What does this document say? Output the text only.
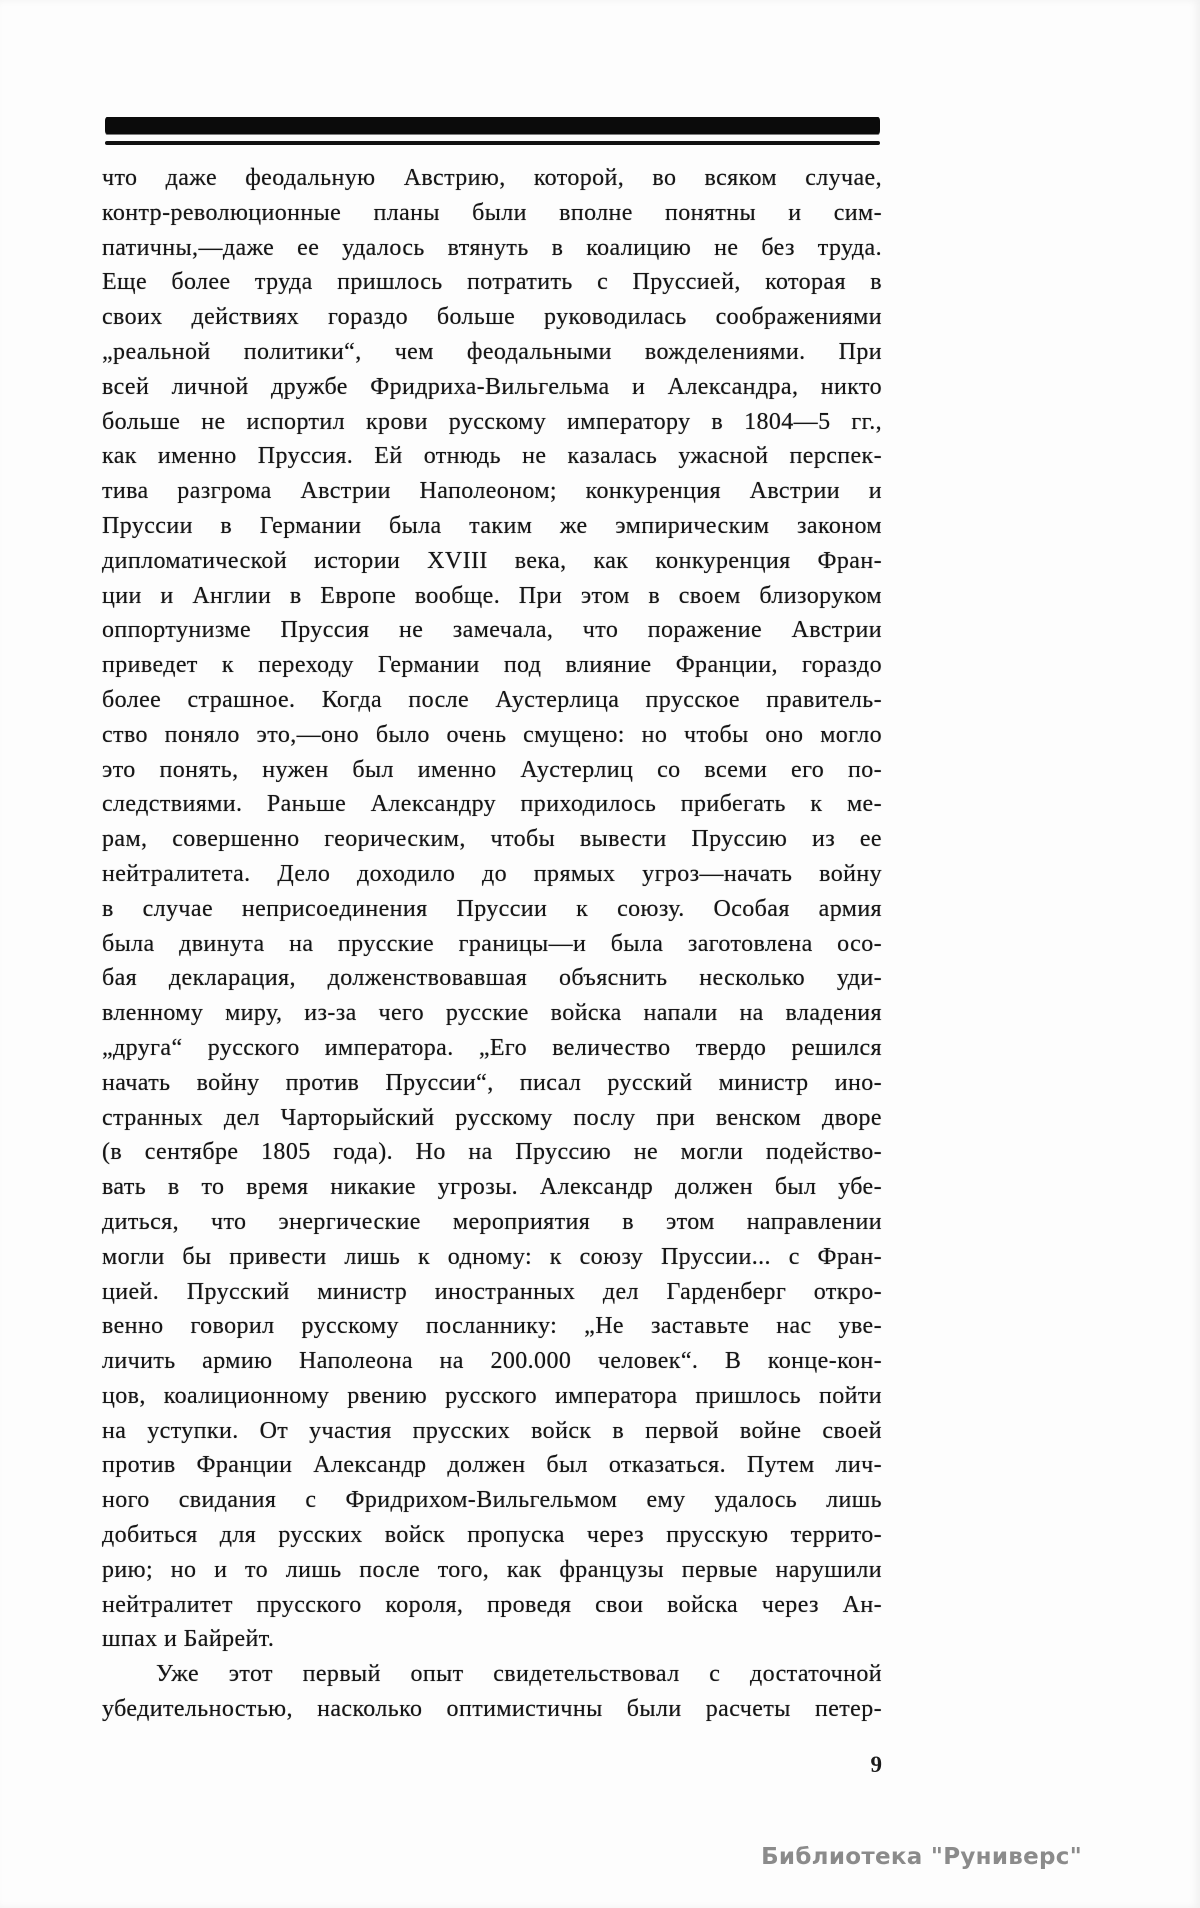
что даже феодальную Австрию, которой, во всяком случае,
контр-революционные планы были вполне понятны и сим-
патичны,—даже ее удалось втянуть в коалицию не без труда.
Еще более труда пришлось потратить с Пруссией, которая в
своих действиях гораздо больше руководилась соображениями
„реальной политики“, чем феодальными вожделениями. При
всей личной дружбе Фридриха-Вильгельма и Александра, никто
больше не испортил крови русскому императору в 1804—5 гг.,
как именно Пруссия. Ей отнюдь не казалась ужасной перспек-
тива разгрома Австрии Наполеоном; конкуренция Австрии и
Пруссии в Германии была таким же эмпирическим законом
дипломатической истории XVIII века, как конкуренция Фран-
ции и Англии в Европе вообще. При этом в своем близоруком
оппортунизме Пруссия не замечала, что поражение Австрии
приведет к переходу Германии под влияние Франции, гораздо
более страшное. Когда после Аустерлица прусское правитель-
ство поняло это,—оно было очень смущено: но чтобы оно могло
это понять, нужен был именно Аустерлиц со всеми его по-
следствиями. Раньше Александру приходилось прибегать к ме-
рам, совершенно георическим, чтобы вывести Пруссию из ее
нейтралитета. Дело доходило до прямых угроз—начать войну
в случае неприсоединения Пруссии к союзу. Особая армия
была двинута на прусские границы—и была заготовлена осо-
бая декларация, долженствовавшая объяснить несколько уди-
вленному миру, из-за чего русские войска напали на владения
„друга“ русского императора. „Его величество твердо решился
начать войну против Пруссии“, писал русский министр ино-
странных дел Чарторыйский русскому послу при венском дворе
(в сентябре 1805 года). Но на Пруссию не могли подейство-
вать в то время никакие угрозы. Александр должен был убе-
диться, что энергические мероприятия в этом направлении
могли бы привести лишь к одному: к союзу Пруссии... с Фран-
цией. Прусский министр иностранных дел Гарденберг откро-
венно говорил русскому посланнику: „Не заставьте нас уве-
личить армию Наполеона на 200.000 человек“. В конце-кон-
цов, коалиционному рвению русского императора пришлось пойти
на уступки. От участия прусских войск в первой войне своей
против Франции Александр должен был отказаться. Путем лич-
ного свидания с Фридрихом-Вильгельмом ему удалось лишь
добиться для русских войск пропуска через прусскую террито-
рию; но и то лишь после того, как французы первые нарушили
нейтралитет прусского короля, проведя свои войска через Ан-
шпах и Байрейт.
Уже этот первый опыт свидетельствовал с достаточной
убедительностью, насколько оптимистичны были расчеты петер-
9
Библиотека "Руниверс"
